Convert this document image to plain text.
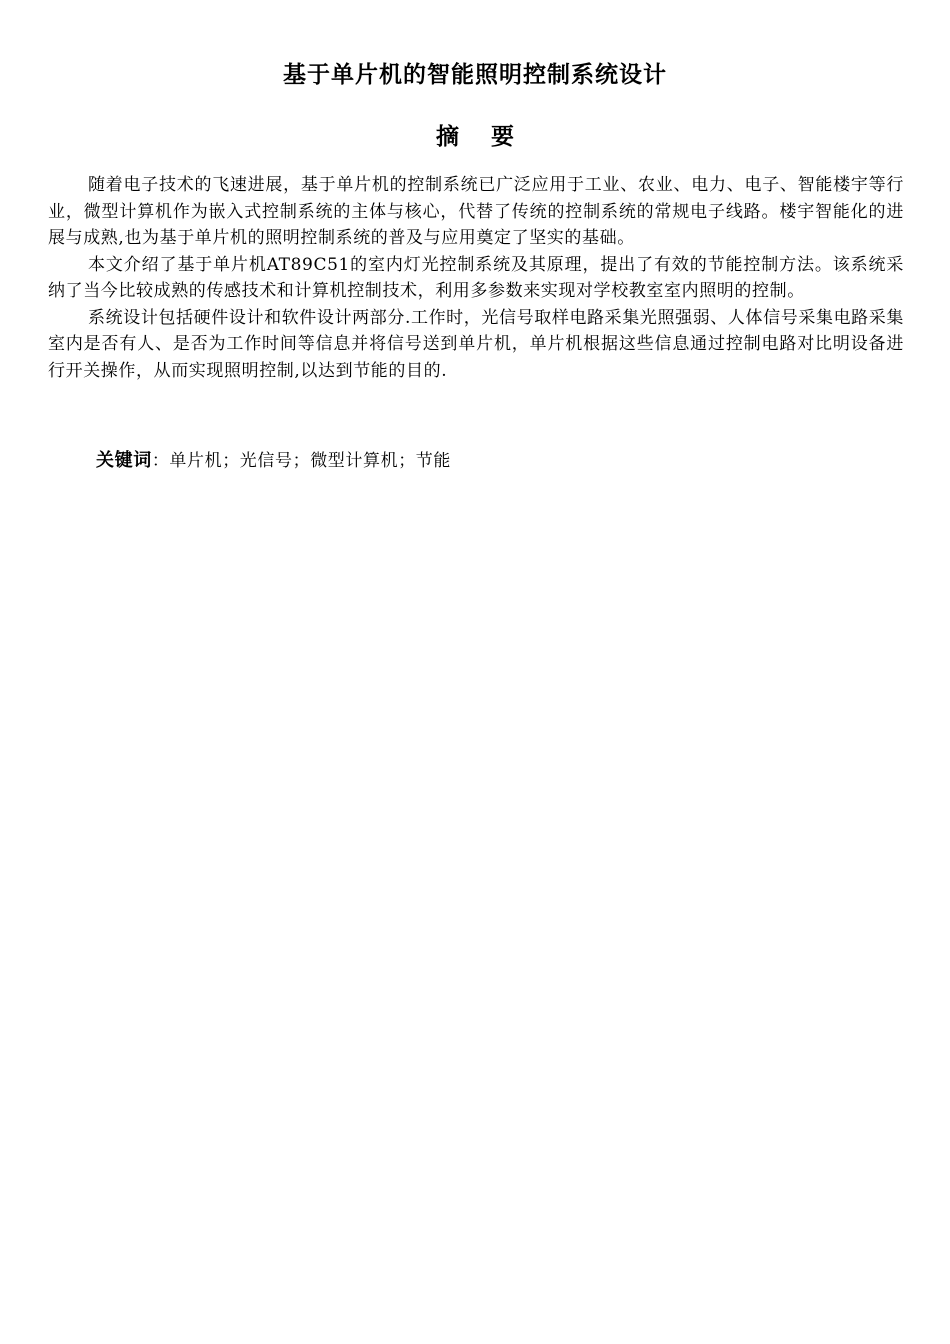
基于单片机的智能照明控制系统设计
摘要

随着电子技术的飞速进展，基于单片机的控制系统已广泛应用于工业、农业、电力、电子、智能楼宇等行业，微型计算机作为嵌入式控制系统的主体与核心，代替了传统的控制系统的常规电子线路。楼宇智能化的进展与成熟,也为基于单片机的照明控制系统的普及与应用奠定了坚实的基础。

本文介绍了基于单片机AT89C51的室内灯光控制系统及其原理，提出了有效的节能控制方法。该系统采纳了当今比较成熟的传感技术和计算机控制技术，利用多参数来实现对学校教室室内照明的控制。

系统设计包括硬件设计和软件设计两部分.工作时，光信号取样电路采集光照强弱、人体信号采集电路采集室内是否有人、是否为工作时间等信息并将信号送到单片机，单片机根据这些信息通过控制电路对比明设备进行开关操作，从而实现照明控制,以达到节能的目的.

关键词：单片机；光信号；微型计算机；节能
